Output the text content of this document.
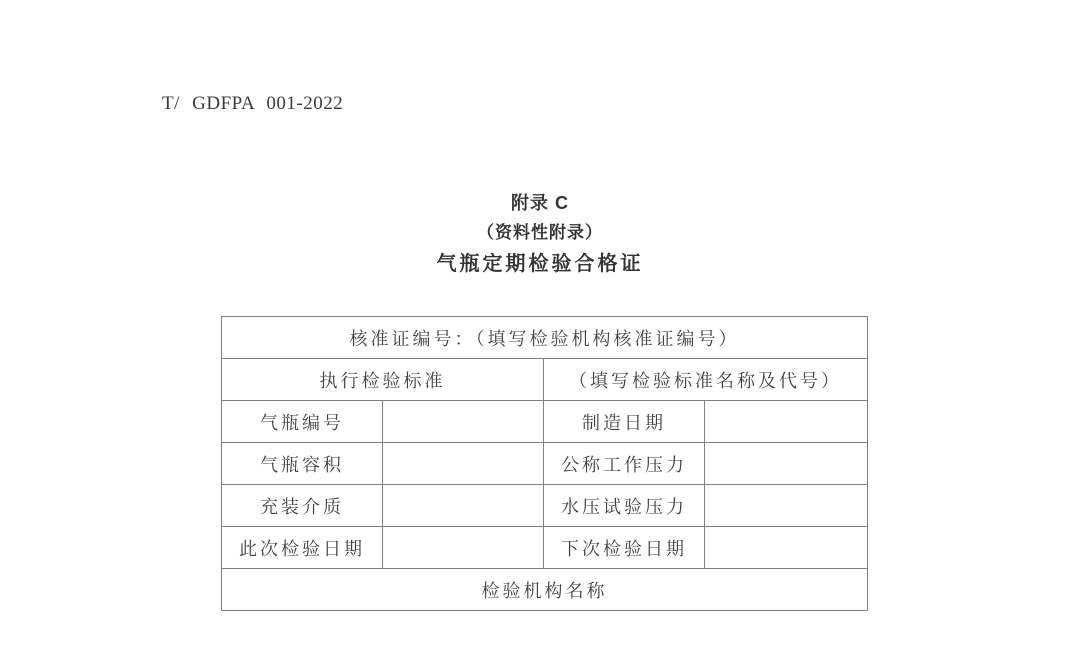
T/ GDFPA 001-2022
附录 C
（资料性附录）
气瓶定期检验合格证
核准证编号：（填写检验机构核准证编号）			
执行检验标准		（填写检验标准名称及代号）	
气瓶编号		制造日期	
气瓶容积		公称工作压力	
充装介质		水压试验压力	
此次检验日期		下次检验日期	
检验机构名称			
